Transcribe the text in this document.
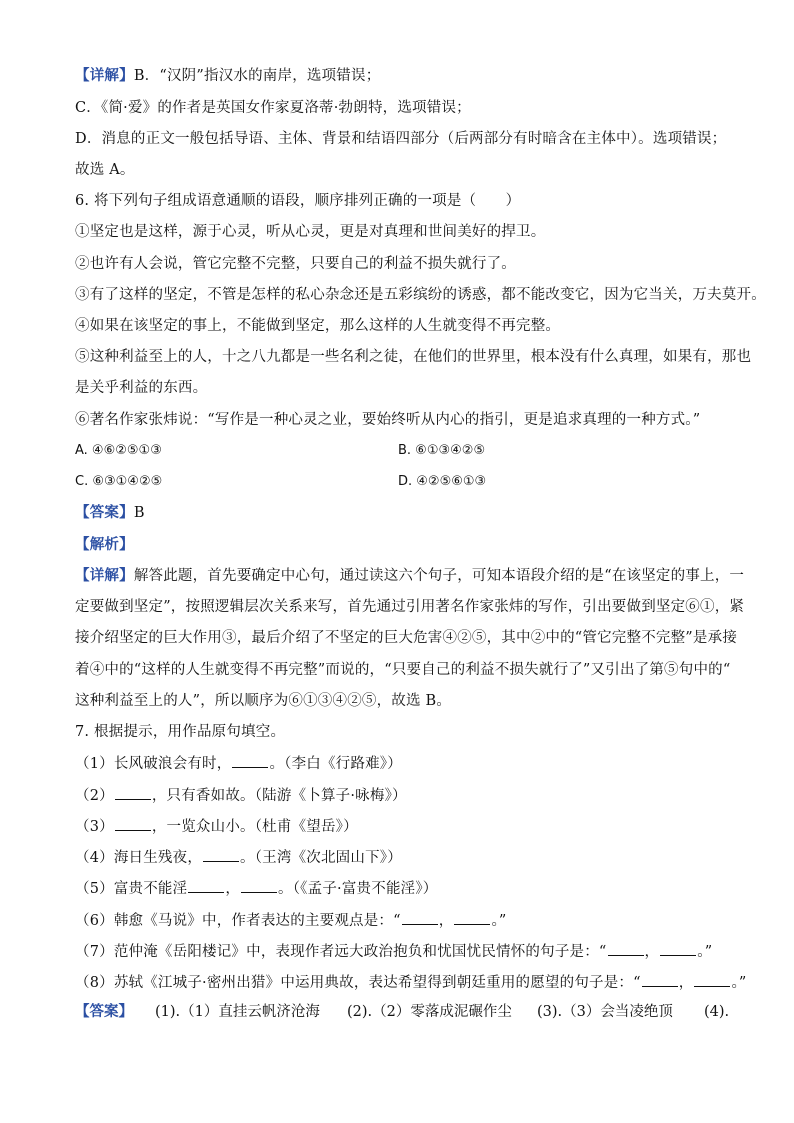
【详解】B．“汉阴”指汉水的南岸，选项错误；
C．《简·爱》的作者是英国女作家夏洛蒂·勃朗特，选项错误；
D．消息的正文一般包括导语、主体、背景和结语四部分（后两部分有时暗含在主体中）。选项错误；
故选 A。
6. 将下列句子组成语意通顺的语段，顺序排列正确的一项是（　　）
①坚定也是这样，源于心灵，听从心灵，更是对真理和世间美好的捍卫。
②也许有人会说，管它完整不完整，只要自己的利益不损失就行了。
③有了这样的坚定，不管是怎样的私心杂念还是五彩缤纷的诱惑，都不能改变它，因为它当关，万夫莫开。
④如果在该坚定的事上，不能做到坚定，那么这样的人生就变得不再完整。
⑤这种利益至上的人，十之八九都是一些名利之徒，在他们的世界里，根本没有什么真理，如果有，那也
是关乎利益的东西。
⑥著名作家张炜说：“写作是一种心灵之业，要始终听从内心的指引，更是追求真理的一种方式。”
A. ④⑥②⑤①③	B. ⑥①③④②⑤
C. ⑥③①④②⑤	D. ④②⑤⑥①③
【答案】B
【解析】
【详解】解答此题，首先要确定中心句，通过读这六个句子，可知本语段介绍的是“在该坚定的事上，一
定要做到坚定”，按照逻辑层次关系来写，首先通过引用著名作家张炜的写作，引出要做到坚定⑥①，紧
接介绍坚定的巨大作用③，最后介绍了不坚定的巨大危害④②⑤，其中②中的“管它完整不完整”是承接
着④中的“这样的人生就变得不再完整”而说的，“只要自己的利益不损失就行了”又引出了第⑤句中的“
这种利益至上的人”，所以顺序为⑥①③④②⑤，故选 B。
7. 根据提示，用作品原句填空。
（1）长风破浪会有时，	。（李白《行路难》）
（2）	，只有香如故。（陆游《卜算子·咏梅》）
（3）	，一览众山小。（杜甫《望岳》）
（4）海日生残夜，	。（王湾《次北固山下》）
（5）富贵不能淫	，	。（《孟子·富贵不能淫》）
（6）韩愈《马说》中，作者表达的主要观点是：“	，	。”
（7）范仲淹《岳阳楼记》中，表现作者远大政治抱负和忧国忧民情怀的句子是：“	，	。”
（8）苏轼《江城子·密州出猎》中运用典故，表达希望得到朝廷重用的愿望的句子是：“	，	。”
【答案】 (1).（1）直挂云帆济沧海 (2).（2）零落成泥碾作尘 (3).（3）会当凌绝顶 (4).
